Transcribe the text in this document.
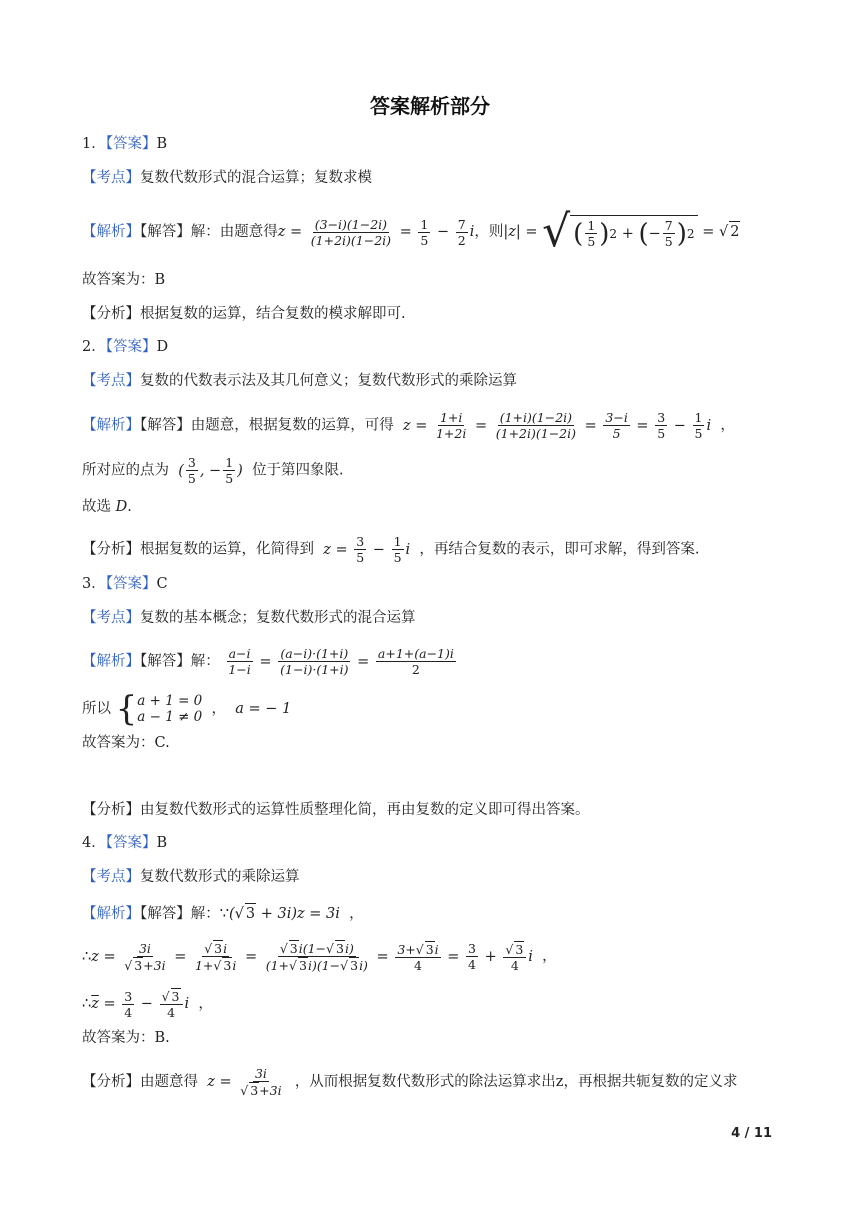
答案解析部分
1．【答案】B
【考点】复数代数形式的混合运算；复数求模
【解析】【解答】解：由题意得$z = \frac{(3-i)(1-2i)}{(1+2i)(1-2i)} = \frac{1}{5} - \frac{7}{2}$ i，则|z| = √ ( $\frac{1}{5}$ ) 2 + ( − $\frac{7}{5}$ ) 2 = √ 2
故答案为：B
【分析】根据复数的运算，结合复数的模求解即可.
2．【答案】D
【考点】复数的代数表示法及其几何意义；复数代数形式的乘除运算
【解析】【解答】由题意，根据复数的运算，可得 $z = \frac{1+i}{1+2i} = \frac{(1+i)(1-2i)}{(1+2i)(1-2i)} = \frac{3-i}{5} = \frac{3}{5} - \frac{1}{5}$ i  ，
所对应的点为 ( $\frac{3}{5}$ , − $\frac{1}{5}$ ) 位于第四象限.
故选 D.
【分析】根据复数的运算，化简得到 $z = \frac{3}{5} - \frac{1}{5}$ i ，再结合复数的表示，即可求解，得到答案.
3．【答案】C
【考点】复数的基本概念；复数代数形式的混合运算
【解析】【解答】解： $\frac{a-i}{1-i} = \frac{(a-i)\cdot(1+i)}{(1-i)\cdot(1+i)} = \frac{a+1+(a-1)i}{2}$
所以 { a + 1 = 0
a − 1 ≠ 0 ，  a = − 1
故答案为：C.
【分析】由复数代数形式的运算性质整理化简，再由复数的定义即可得出答案。
4．【答案】B
【考点】复数代数形式的乘除运算
【解析】【解答】解：∵(√ 3 + 3i)z = 3i  ，
∴z = $\frac{3i}{√ 3+3i} = \frac{√ 3i}{1+√ 3i} = \frac{√ 3i(1-√ 3i)}{(1+√ 3i)(1-√ 3i)} = \frac{3+√ 3i}{4} = \frac{3}{4} + \frac{√ 3}{4}$ i  ，
$\therefore\overline{z} = \frac{3}{4} - \frac{√ 3}{4}$ i  ，
故答案为：B.
【分析】由题意得 $z = \frac{3i}{√ 3+3i}$ ，从而根据复数代数形式的除法运算求出z，再根据共轭复数的定义求
4 / 11
